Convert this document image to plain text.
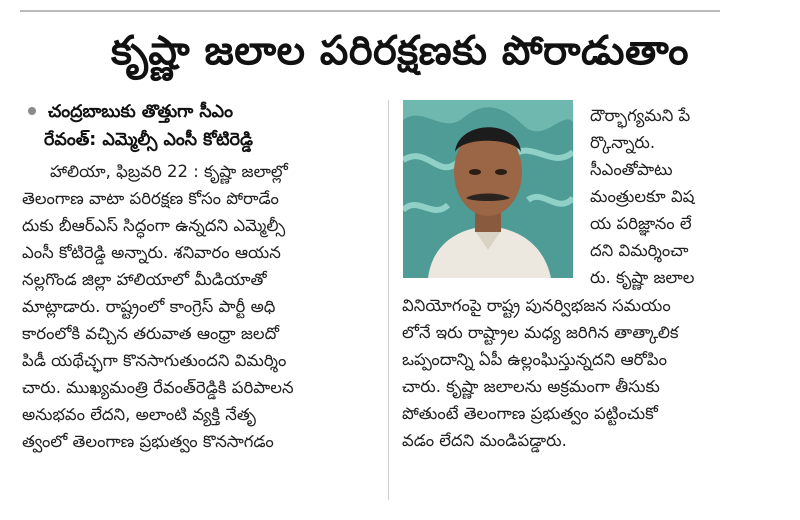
కృష్ణా జలాల పరిరక్షణకు పోరాడుతాం
చంద్రబాబుకు తొత్తుగా సీఎం
రేవంత్: ఎమ్మెల్సీ ఎంసీ కోటిరెడ్డి
హాలియా, ఫిబ్రవరి 22 : కృష్ణా జలాల్లో
తెలంగాణ వాటా పరిరక్షణ కోసం పోరాడేం
దుకు బీఆర్ఎస్ సిద్ధంగా ఉన్నదని ఎమ్మెల్సీ
ఎంసీ కోటిరెడ్డి అన్నారు. శనివారం ఆయన
నల్లగొండ జిల్లా హాలియాలో మీడియాతో
మాట్లాడారు. రాష్ట్రంలో కాంగ్రెస్ పార్టీ అధి
కారంలోకి వచ్చిన తరువాత ఆంధ్రా జలదో
పిడీ యథేచ్ఛగా కొనసాగుతుందని విమర్శిం
చారు. ముఖ్యమంత్రి రేవంత్‌రెడ్డికి పరిపాలన
అనుభవం లేదని, అలాంటి వ్యక్తి నేతృ
త్వంలో తెలంగాణ ప్రభుత్వం కొనసాగడం
దౌర్భాగ్యమని పే
ర్కొన్నారు.
సీఎంతోపాటు
మంత్రులకూ విష
య పరిజ్ఞానం లే
దని విమర్శించా
రు. కృష్ణా జలాల
వినియోగంపై రాష్ట్ర పునర్విభజన సమయం
లోనే ఇరు రాష్ట్రాల మధ్య జరిగిన తాత్కాలిక
ఒప్పందాన్ని ఏపీ ఉల్లంఘిస్తున్నదని ఆరోపిం
చారు. కృష్ణా జలాలను అక్రమంగా తీసుకు
పోతుంటే తెలంగాణ ప్రభుత్వం పట్టించుకో
వడం లేదని మండిపడ్డారు.
